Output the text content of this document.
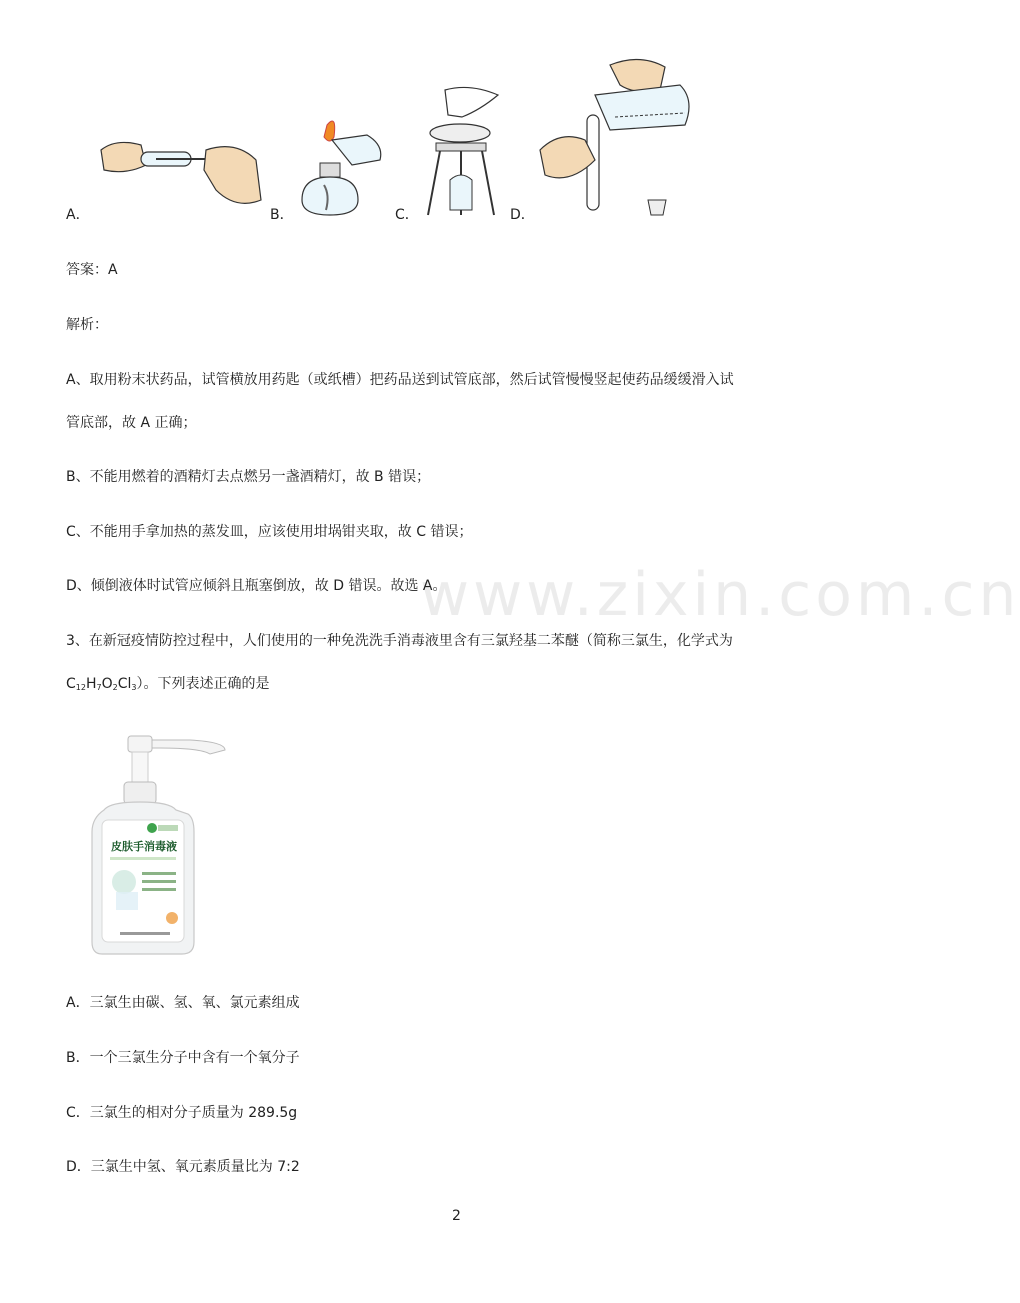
www.zixin.com.cn
A．	B．	C．	D．
答案：A
解析：
A、取用粉末状药品，试管横放用药匙（或纸槽）把药品送到试管底部，然后试管慢慢竖起使药品缓缓滑入试
管底部，故 A 正确；
B、不能用燃着的酒精灯去点燃另一盏酒精灯，故 B 错误；
C、不能用手拿加热的蒸发皿，应该使用坩埚钳夹取，故 C 错误；
D、倾倒液体时试管应倾斜且瓶塞倒放，故 D 错误。故选 A。
3、在新冠疫情防控过程中，人们使用的一种免洗洗手消毒液里含有三氯羟基二苯醚（简称三氯生，化学式为
$C_{12}H_7O_2Cl_3$）。下列表述正确的是
皮肤手消毒液
A．三氯生由碳、氢、氧、氯元素组成
B．一个三氯生分子中含有一个氧分子
C．三氯生的相对分子质量为 289.5g
D．三氯生中氢、氧元素质量比为 7:2
2
